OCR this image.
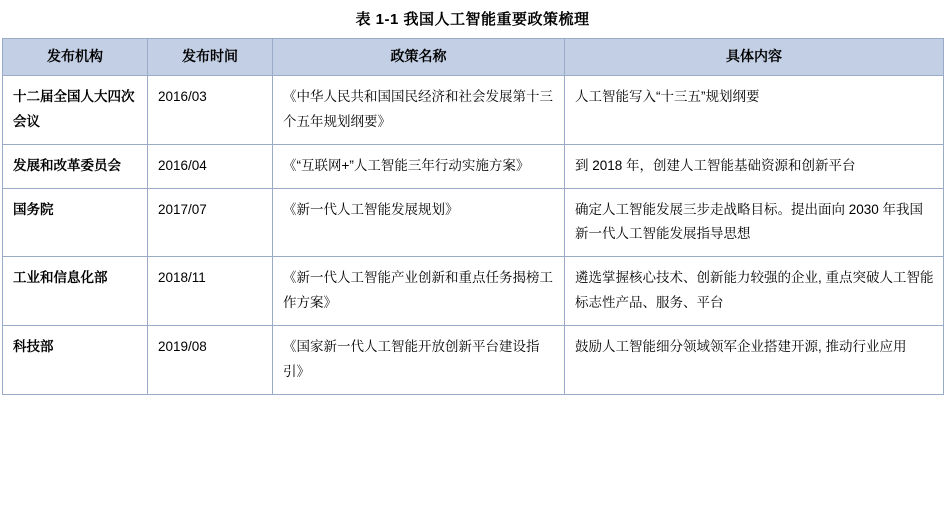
表 1-1 我国人工智能重要政策梳理
发布机构	发布时间	政策名称	具体内容
十二届全国人大四次会议	2016/03	《中华人民共和国国民经济和社会发展第十三个五年规划纲要》	人工智能写入“十三五”规划纲要
发展和改革委员会	2016/04	《“互联网+”人工智能三年行动实施方案》	到 2018 年，创建人工智能基础资源和创新平台
国务院	2017/07	《新一代人工智能发展规划》	确定人工智能发展三步走战略目标。提出面向 2030 年我国新一代人工智能发展指导思想
工业和信息化部	2018/11	《新一代人工智能产业创新和重点任务揭榜工作方案》	遴选掌握核心技术、创新能力较强的企业, 重点突破人工智能标志性产品、服务、平台
科技部	2019/08	《国家新一代人工智能开放创新平台建设指引》	鼓励人工智能细分领域领军企业搭建开源, 推动行业应用
